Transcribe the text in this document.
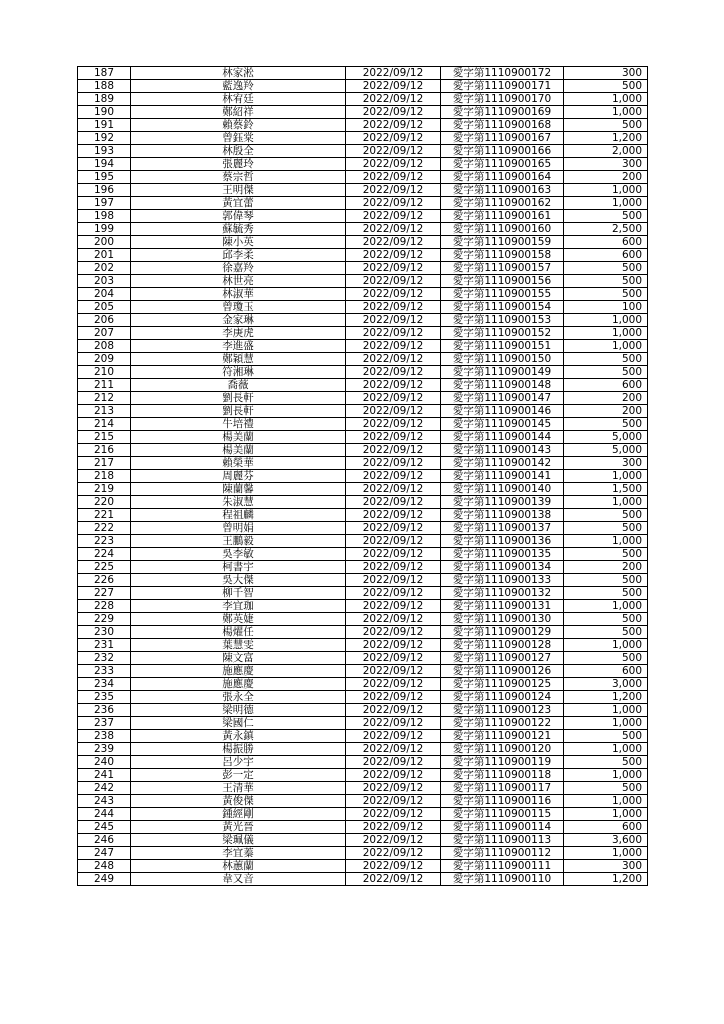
187	林家淞	2022/09/12	愛字第1110900172	300
188	藍逸羚	2022/09/12	愛字第1110900171	500
189	林宥廷	2022/09/12	愛字第1110900170	1,000
190	鄭紹祥	2022/09/12	愛字第1110900169	1,000
191	賴蔡鈴	2022/09/12	愛字第1110900168	500
192	曾鈺棠	2022/09/12	愛字第1110900167	1,200
193	林殷全	2022/09/12	愛字第1110900166	2,000
194	張麗玲	2022/09/12	愛字第1110900165	300
195	蔡宗哲	2022/09/12	愛字第1110900164	200
196	王明傑	2022/09/12	愛字第1110900163	1,000
197	黃宜蕾	2022/09/12	愛字第1110900162	1,000
198	郭偉琴	2022/09/12	愛字第1110900161	500
199	蘇毓秀	2022/09/12	愛字第1110900160	2,500
200	陳小英	2022/09/12	愛字第1110900159	600
201	邱李柔	2022/09/12	愛字第1110900158	600
202	徐嘉羚	2022/09/12	愛字第1110900157	500
203	林世亮	2022/09/12	愛字第1110900156	500
204	林淑華	2022/09/12	愛字第1110900155	500
205	曾瓊玉	2022/09/12	愛字第1110900154	100
206	金家琳	2022/09/12	愛字第1110900153	1,000
207	李庚虎	2022/09/12	愛字第1110900152	1,000
208	李進盛	2022/09/12	愛字第1110900151	1,000
209	鄭穎慧	2022/09/12	愛字第1110900150	500
210	符湘琳	2022/09/12	愛字第1110900149	500
211	喬薇	2022/09/12	愛字第1110900148	600
212	劉長軒	2022/09/12	愛字第1110900147	200
213	劉長軒	2022/09/12	愛字第1110900146	200
214	牛培禮	2022/09/12	愛字第1110900145	500
215	楊美蘭	2022/09/12	愛字第1110900144	5,000
216	楊美蘭	2022/09/12	愛字第1110900143	5,000
217	賴榮華	2022/09/12	愛字第1110900142	300
218	周麗芬	2022/09/12	愛字第1110900141	1,000
219	陳蘭馨	2022/09/12	愛字第1110900140	1,500
220	朱淑慧	2022/09/12	愛字第1110900139	1,000
221	程祖麟	2022/09/12	愛字第1110900138	500
222	曾明娟	2022/09/12	愛字第1110900137	500
223	王鵬毅	2022/09/12	愛字第1110900136	1,000
224	吳李敏	2022/09/12	愛字第1110900135	500
225	柯書宇	2022/09/12	愛字第1110900134	200
226	吳大傑	2022/09/12	愛字第1110900133	500
227	柳千智	2022/09/12	愛字第1110900132	500
228	李宜珈	2022/09/12	愛字第1110900131	1,000
229	鄭英婕	2022/09/12	愛字第1110900130	500
230	楊燿任	2022/09/12	愛字第1110900129	500
231	葉慧雯	2022/09/12	愛字第1110900128	1,000
232	陳文富	2022/09/12	愛字第1110900127	500
233	施應慶	2022/09/12	愛字第1110900126	600
234	施應慶	2022/09/12	愛字第1110900125	3,000
235	張永全	2022/09/12	愛字第1110900124	1,200
236	梁明德	2022/09/12	愛字第1110900123	1,000
237	梁國仁	2022/09/12	愛字第1110900122	1,000
238	黃永鎮	2022/09/12	愛字第1110900121	500
239	楊振勝	2022/09/12	愛字第1110900120	1,000
240	呂少宇	2022/09/12	愛字第1110900119	500
241	彭一定	2022/09/12	愛字第1110900118	1,000
242	王清華	2022/09/12	愛字第1110900117	500
243	黃俊傑	2022/09/12	愛字第1110900116	1,000
244	鍾經剛	2022/09/12	愛字第1110900115	1,000
245	黃光晉	2022/09/12	愛字第1110900114	600
246	梁珮儀	2022/09/12	愛字第1110900113	3,600
247	李宜蓁	2022/09/12	愛字第1110900112	1,000
248	林蕙蘭	2022/09/12	愛字第1110900111	300
249	韋又音	2022/09/12	愛字第1110900110	1,200
